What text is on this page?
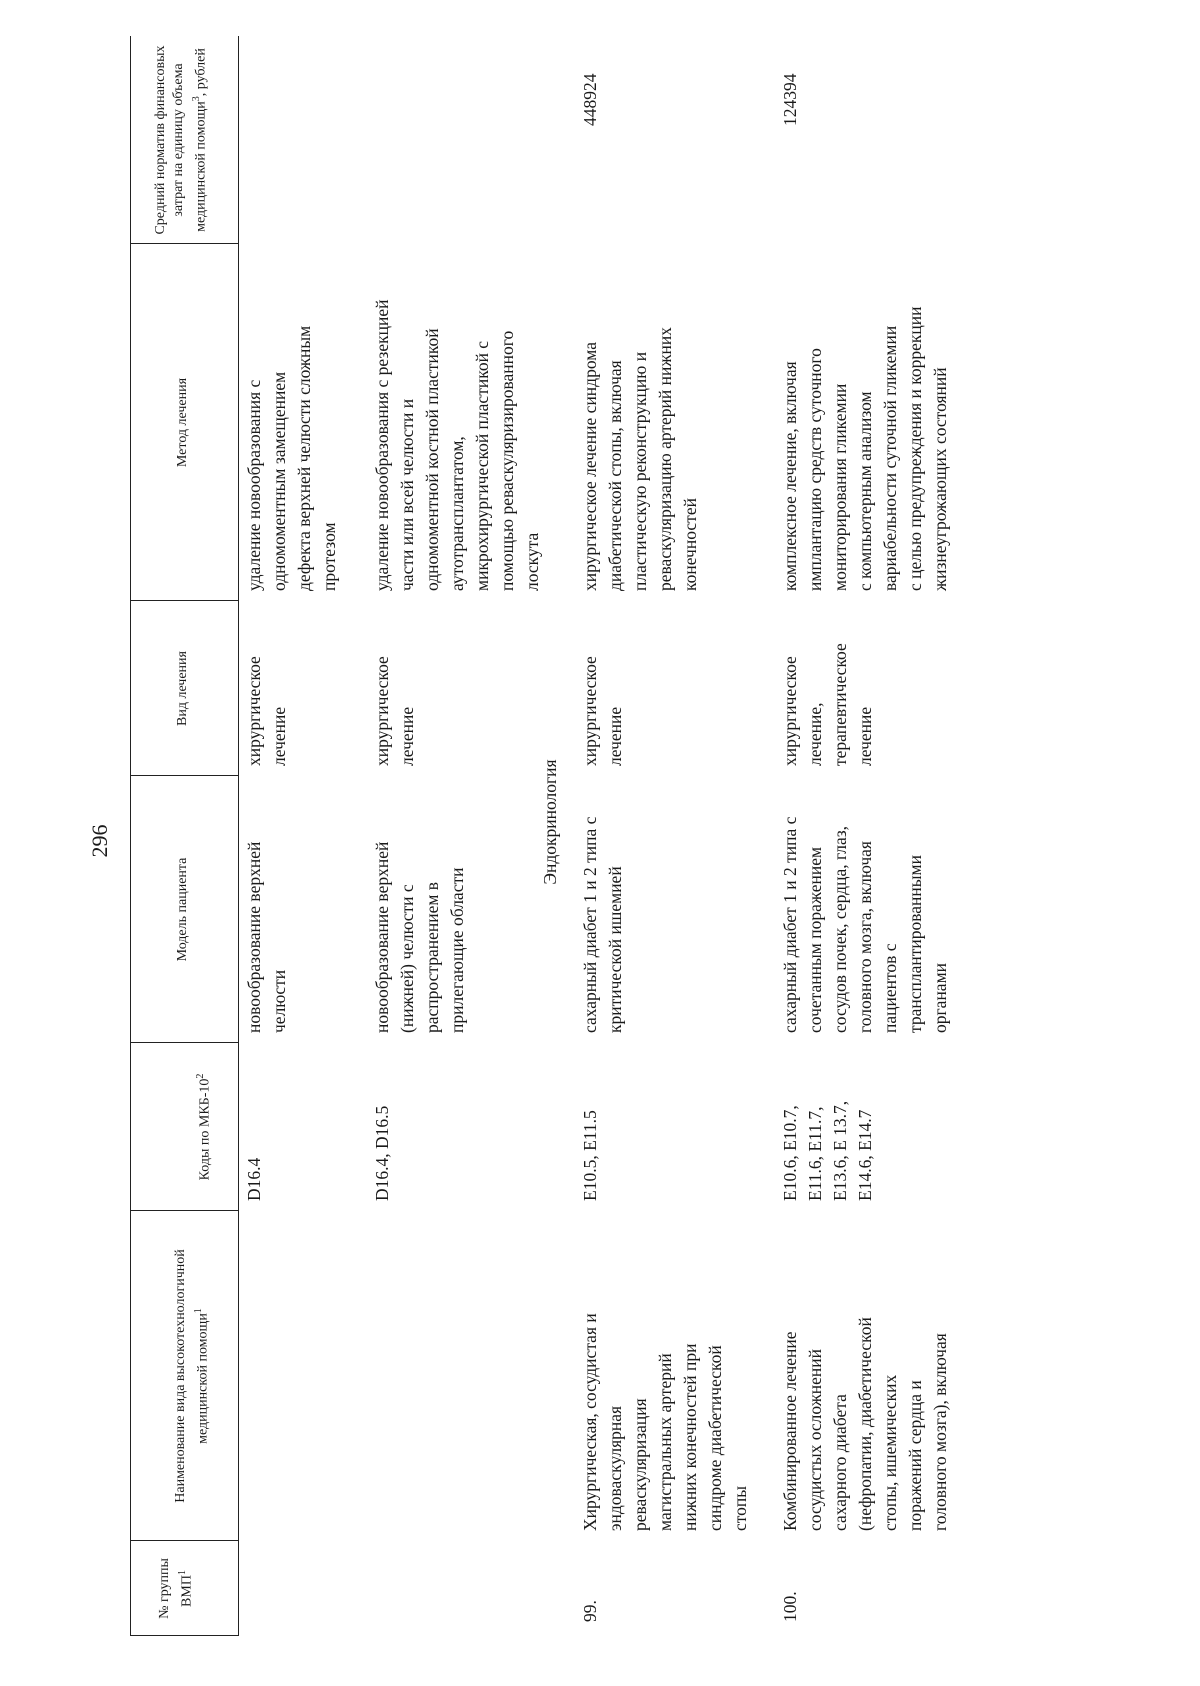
296

№ группы ВМП$^1$

Наименование вида высокотехнологичной медицинской помощи$^1$

Коды по МКБ-$10^2$

Модель пациента
Вид лечения
Метод лечения

Средний норматив финансовых затрат на единицу объема медицинской помощи$^3$, рублей

D16.4
новообразование верхней
челюсти
хирургическое
лечение
удаление новообразования с
одномоментным замещением
дефекта верхней челюсти сложным
протезом
D16.4, D16.5
новообразование верхней
(нижней) челюсти с
распространением в
прилегающие области
хирургическое
лечение
удаление новообразования с резекцией
части или всей челюсти и
одномоментной костной пластикой
аутотрансплантатом,
микрохирургической пластикой с
помощью реваскуляризированного
лоскута
Эндокринология
99.
Хирургическая, сосудистая и
эндоваскулярная
реваскуляризация
магистральных артерий
нижних конечностей при
синдроме диабетической
стопы
E10.5, E11.5
сахарный диабет 1 и 2 типа с
критической ишемией
хирургическое
лечение
хирургическое лечение синдрома
диабетической стопы, включая
пластическую реконструкцию и
реваскуляризацию артерий нижних
конечностей
448924
100.
Комбинированное лечение
сосудистых осложнений
сахарного диабета
(нефропатии, диабетической
стопы, ишемических
поражений сердца и
головного мозга), включая
E10.6, E10.7,
E11.6, E11.7,
E13.6, E 13.7,
E14.6, E14.7
сахарный диабет 1 и 2 типа с
сочетанным поражением
сосудов почек, сердца, глаз,
головного мозга, включая
пациентов с
трансплантированными
органами
хирургическое
лечение,
терапевтическое
лечение
комплексное лечение, включая
имплантацию средств суточного
мониторирования гликемии
с компьютерным анализом
вариабельности суточной гликемии
с целью предупреждения и коррекции
жизнеугрожающих состояний
124394
